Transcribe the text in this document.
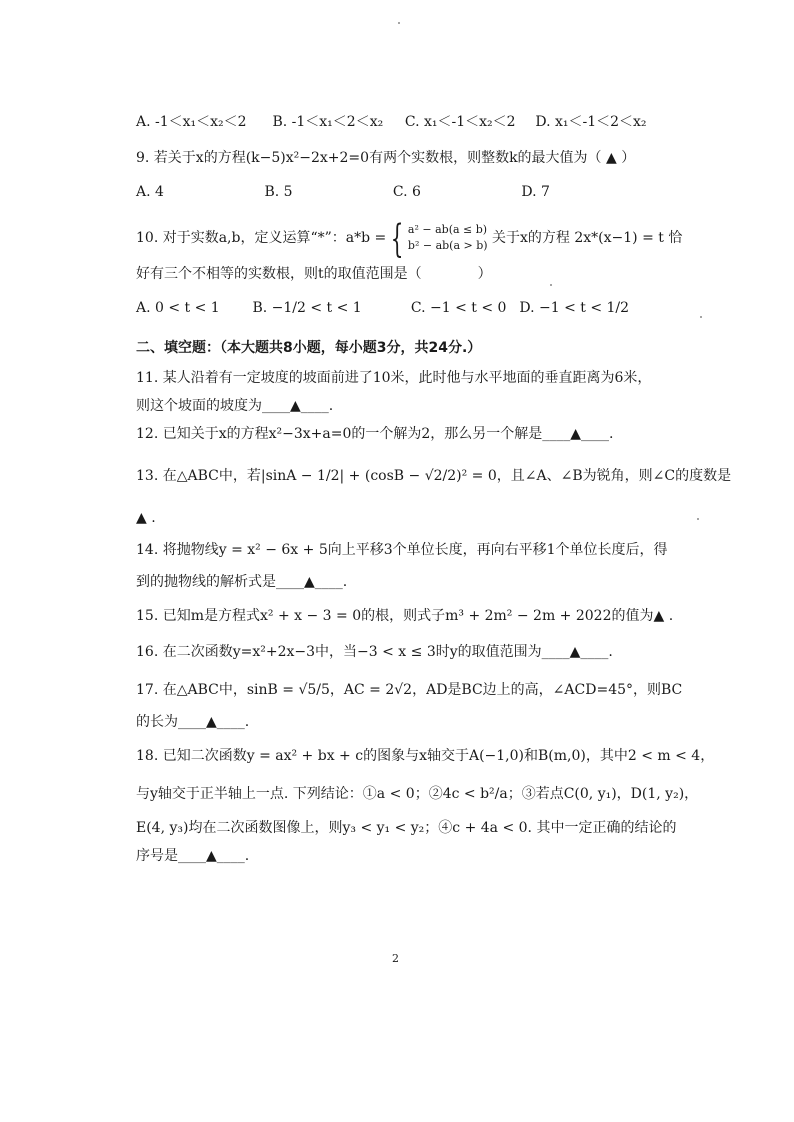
A. -1＜x₁＜x₂＜2 B. -1＜x₁＜2＜x₂ C. x₁＜-1＜x₂＜2 D. x₁＜-1＜2＜x₂
9. 若关于x的方程(k−5)x²−2x+2=0有两个实数根，则整数k的最大值为（ ▲ ）
A. 4	B. 5	C. 6	D. 7
10. 对于实数a,b，定义运算“*”：a*b = { a² − ab(a ≤ b)
b² − ab(a > b) 关于x的方程 2x*(x−1) = t 恰
好有三个不相等的实数根，则t的取值范围是（　　　　）
A. 0 < t < 1 B. −1/2 < t < 1	C. −1 < t < 0 D. −1 < t < 1/2
二、填空题：（本大题共8小题，每小题3分，共24分.）
11. 某人沿着有一定坡度的坡面前进了10米，此时他与水平地面的垂直距离为6米，
则这个坡面的坡度为____▲____.
12. 已知关于x的方程x²−3x+a=0的一个解为2，那么另一个解是____▲____.
13. 在△ABC中，若|sinA − 1/2| + (cosB − √2/2)² = 0，且∠A、∠B为锐角，则∠C的度数是
▲ .
14. 将抛物线y = x² − 6x + 5向上平移3个单位长度，再向右平移1个单位长度后，得
到的抛物线的解析式是____▲____.
15. 已知m是方程式x² + x − 3 = 0的根，则式子m³ + 2m² − 2m + 2022的值为▲ .
16. 在二次函数y=x²+2x−3中，当−3 < x ≤ 3时y的取值范围为____▲____.
17. 在△ABC中，sinB = √5/5，AC = 2√2，AD是BC边上的高，∠ACD=45°，则BC
的长为____▲____.
18. 已知二次函数y = ax² + bx + c的图象与x轴交于A(−1,0)和B(m,0)，其中2 < m < 4，
与y轴交于正半轴上一点. 下列结论：①a < 0；②4c < b²/a；③若点C(0, y₁)，D(1, y₂)，
E(4, y₃)均在二次函数图像上，则y₃ < y₁ < y₂；④c + 4a < 0. 其中一定正确的结论的
序号是____▲____.
2
